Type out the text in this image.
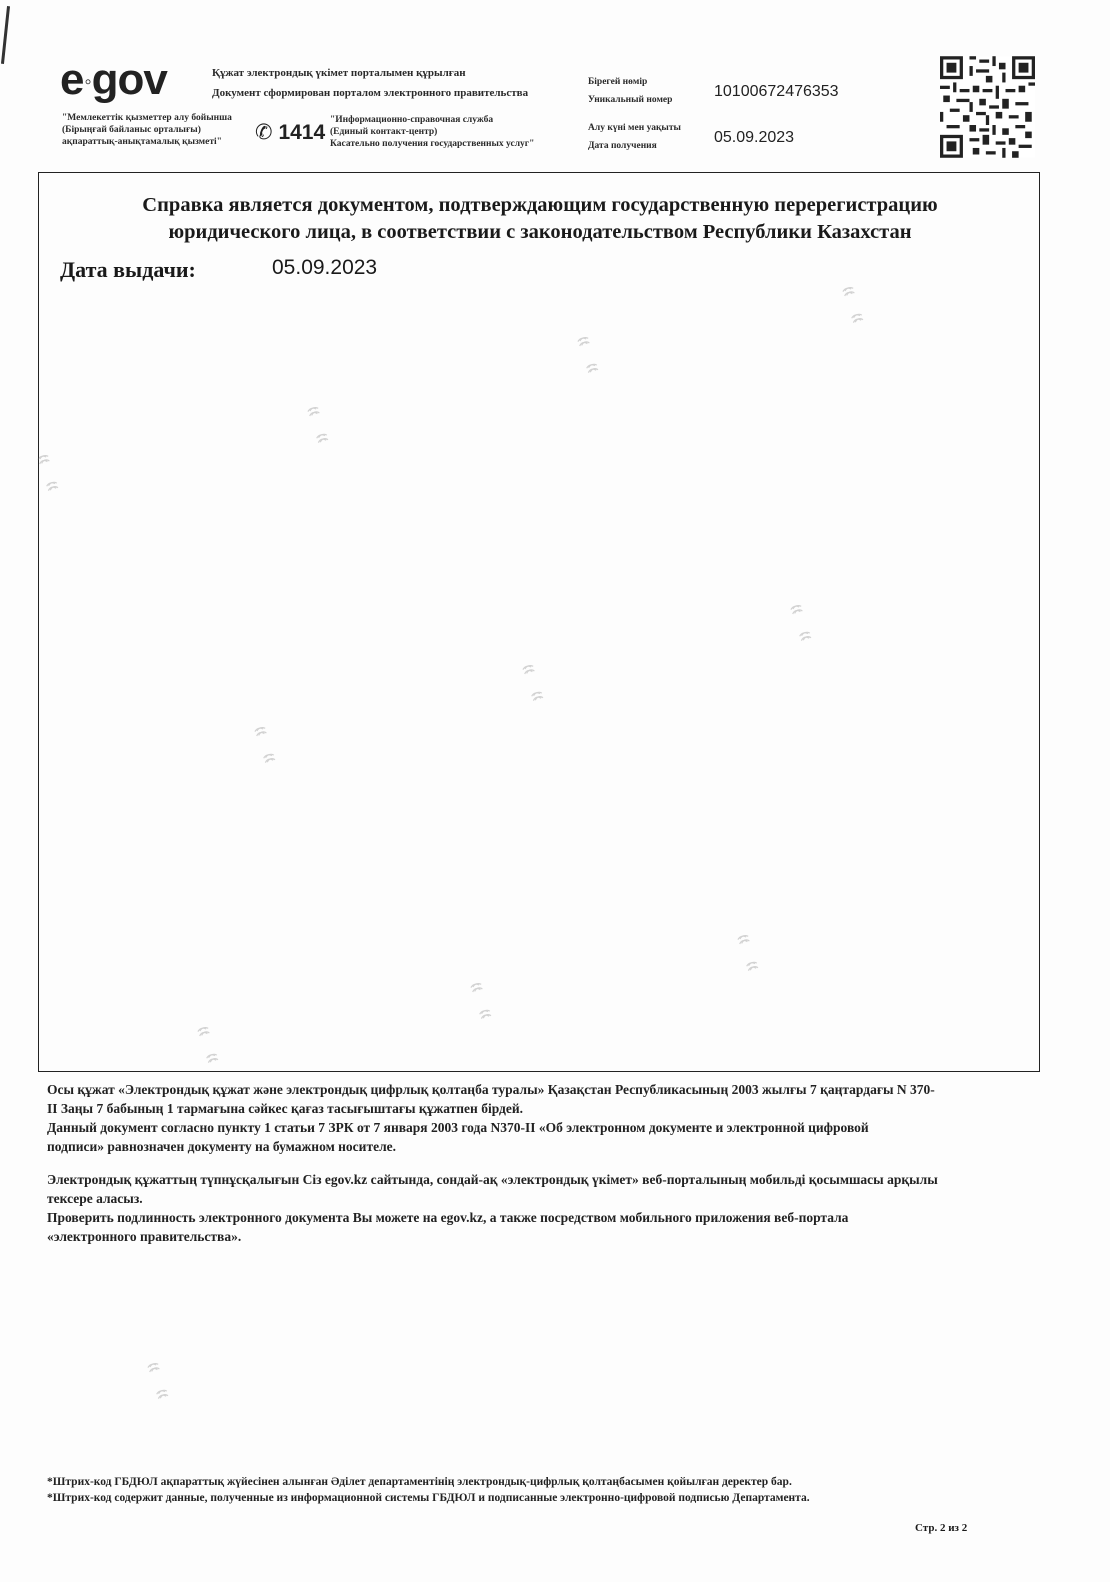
e◦gov	Құжат электрондық үкімет порталымен құрылған
Документ сформирован порталом электронного правительства
"Мемлекеттік қызметтер алу бойынша
(Бірыңғай байланыс орталығы)
ақпараттық-анықтамалық қызметі"	✆ 1414
"Информационно-справочная служба
(Единый контакт-центр)
Касательно получения государственных услуг"
Бірегей нөмір
Уникальный номер	10100672476353
Алу күні мен уақыты
Дата получения	05.09.2023
Справка является документом, подтверждающим государственную перерегистрацию
юридического лица, в соответствии с законодательством Республики Казахстан
Дата выдачи:	05.09.2023
ꩰꩰ
ꩰꩰ
ꩰꩰ
ꩰꩰ
ꩰꩰ
ꩰꩰ
ꩰꩰ
ꩰꩰ
ꩰꩰ
ꩰꩰ
ꩰꩰ
ꩰꩰ
ꩰꩰ
ꩰꩰ
ꩰꩰ
ꩰꩰ
ꩰꩰ
ꩰꩰ
ꩰꩰ
ꩰꩰ
ꩰꩰ
ꩰꩰ
Осы құжат «Электрондық құжат және электрондық цифрлық қолтаңба туралы» Қазақстан Республикасының 2003 жылғы 7 қаңтардағы N 370-
II Заңы 7 бабының 1 тармағына сәйкес қағаз тасығыштағы құжатпен бірдей.
Данный документ согласно пункту 1 статьи 7 ЗРК от 7 января 2003 года N370-II «Об электронном документе и электронной цифровой
подписи» равнозначен документу на бумажном носителе.
Электрондық құжаттың түпнұсқалығын Сіз egov.kz сайтында, сондай-ақ «электрондық үкімет» веб-порталының мобильді қосымшасы арқылы
тексере аласыз.
Проверить подлинность электронного документа Вы можете на egov.kz, а также посредством мобильного приложения веб-портала
«электронного правительства».
*Штрих-код ГБДЮЛ ақпараттық жүйесінен алынған Әділет департаментінің электрондық-цифрлық қолтаңбасымен қойылған деректер бар.
*Штрих-код содержит данные, полученные из информационной системы ГБДЮЛ и подписанные электронно-цифровой подписью Департамента.
Стр. 2 из 2
